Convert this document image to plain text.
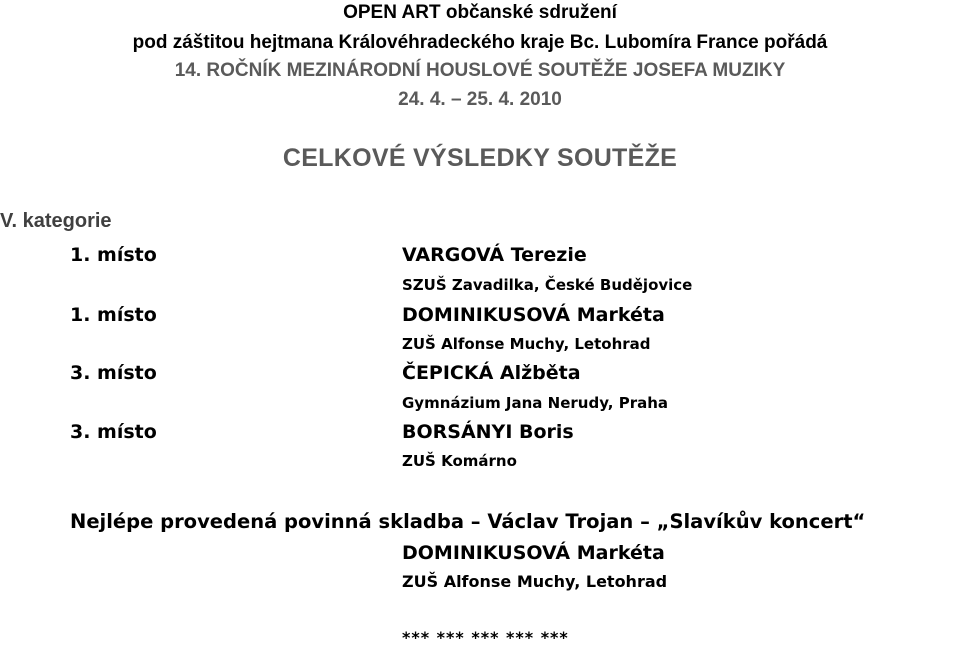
OPEN ART občanské sdružení
pod záštitou hejtmana Královéhradeckého kraje Bc. Lubomíra France pořádá
14. ROČNÍK MEZINÁRODNÍ HOUSLOVÉ SOUTĚŽE JOSEFA MUZIKY
24. 4. – 25. 4. 2010
CELKOVÉ VÝSLEDKY SOUTĚŽE
V. kategorie
1. místo	VARGOVÁ Terezie
SZUŠ Zavadilka, České Budějovice
1. místo	DOMINIKUSOVÁ Markéta
ZUŠ Alfonse Muchy, Letohrad
3. místo	ČEPICKÁ Alžběta
Gymnázium Jana Nerudy, Praha
3. místo	BORSÁNYI Boris
ZUŠ Komárno
Nejlépe provedená povinná skladba – Václav Trojan – „Slavíkův koncert“
DOMINIKUSOVÁ Markéta
ZUŠ Alfonse Muchy, Letohrad
*** *** *** *** ***
